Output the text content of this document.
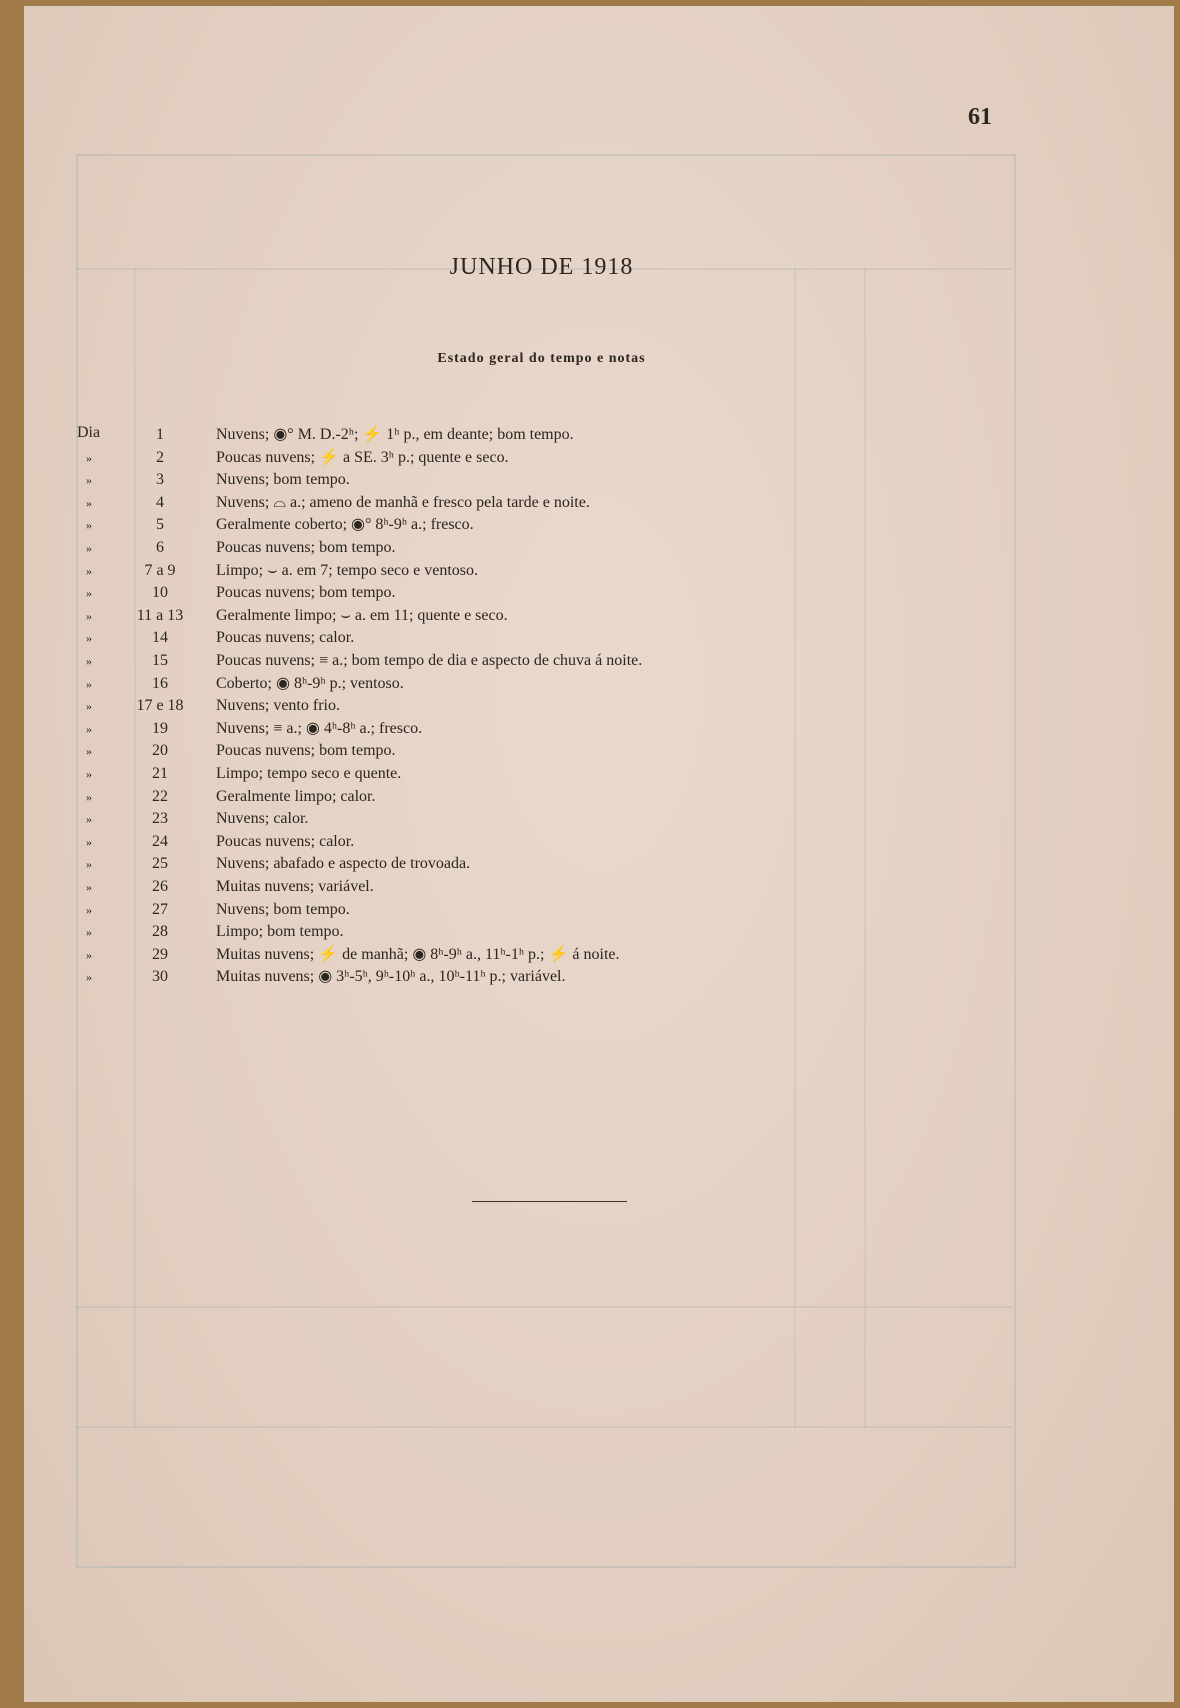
61
JUNHO DE 1918
Estado geral do tempo e notas
Dia	1	Nuvens; ◉° M. D.-2ʰ; ⚡ 1ʰ p., em deante; bom tempo.
»	2	Poucas nuvens; ⚡ a SE. 3ʰ p.; quente e seco.
»	3	Nuvens; bom tempo.
»	4	Nuvens; ⌓ a.; ameno de manhã e fresco pela tarde e noite.
»	5	Geralmente coberto; ◉° 8ʰ-9ʰ a.; fresco.
»	6	Poucas nuvens; bom tempo.
»	7 a 9	Limpo; ⌣ a. em 7; tempo seco e ventoso.
»	10	Poucas nuvens; bom tempo.
»	11 a 13	Geralmente limpo; ⌣ a. em 11; quente e seco.
»	14	Poucas nuvens; calor.
»	15	Poucas nuvens; ≡ a.; bom tempo de dia e aspecto de chuva á noite.
»	16	Coberto; ◉ 8ʰ-9ʰ p.; ventoso.
»	17 e 18	Nuvens; vento frio.
»	19	Nuvens; ≡ a.; ◉ 4ʰ-8ʰ a.; fresco.
»	20	Poucas nuvens; bom tempo.
»	21	Limpo; tempo seco e quente.
»	22	Geralmente limpo; calor.
»	23	Nuvens; calor.
»	24	Poucas nuvens; calor.
»	25	Nuvens; abafado e aspecto de trovoada.
»	26	Muitas nuvens; variável.
»	27	Nuvens; bom tempo.
»	28	Limpo; bom tempo.
»	29	Muitas nuvens; ⚡ de manhã; ◉ 8ʰ-9ʰ a., 11ʰ-1ʰ p.; ⚡ á noite.
»	30	Muitas nuvens; ◉ 3ʰ-5ʰ, 9ʰ-10ʰ a., 10ʰ-11ʰ p.; variável.
